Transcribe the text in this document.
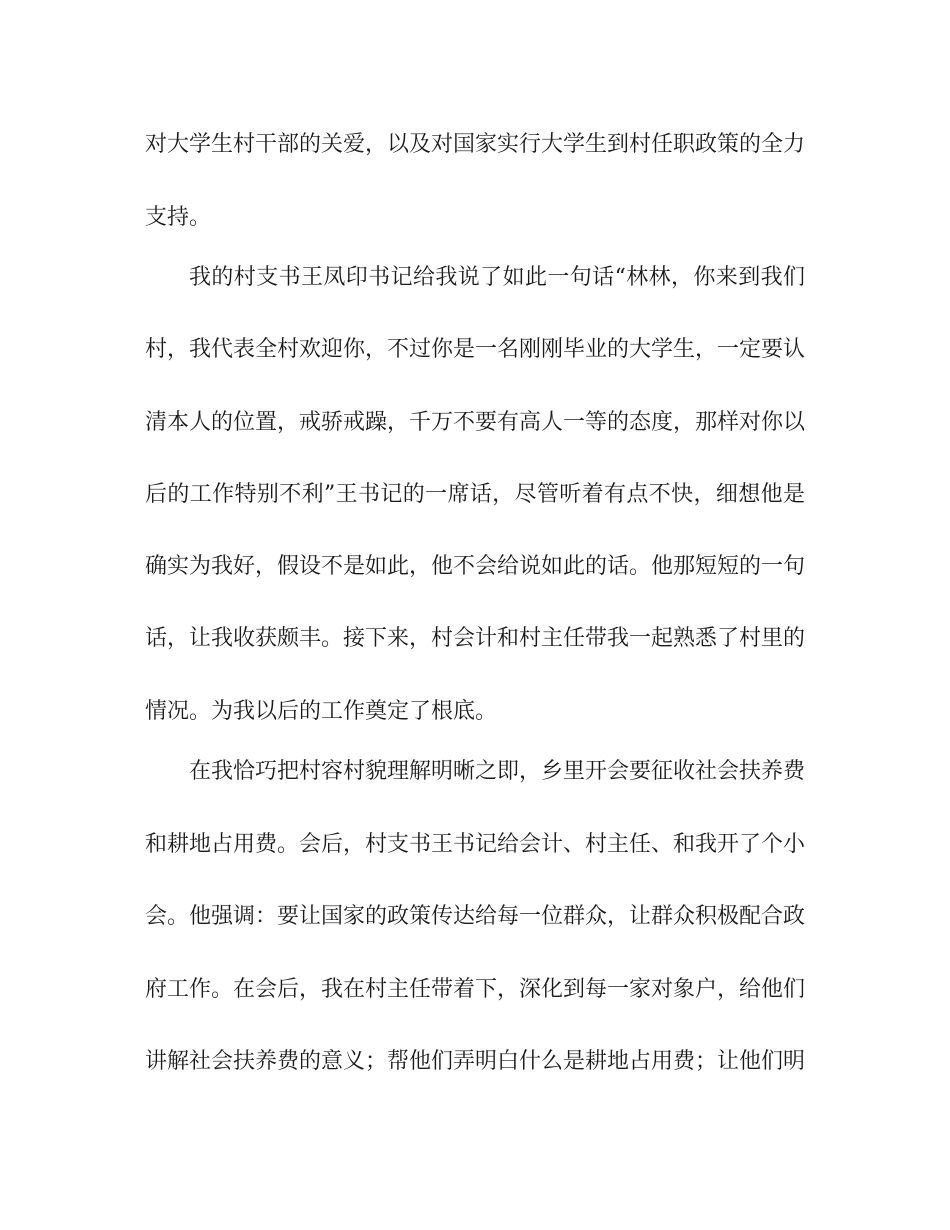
对大学生村干部的关爱，以及对国家实行大学生到村任职政策的全力
支持。
我的村支书王凤印书记给我说了如此一句话“林林，你来到我们
村，我代表全村欢迎你，不过你是一名刚刚毕业的大学生，一定要认
清本人的位置，戒骄戒躁，千万不要有高人一等的态度，那样对你以
后的工作特别不利”王书记的一席话，尽管听着有点不快，细想他是
确实为我好，假设不是如此，他不会给说如此的话。他那短短的一句
话，让我收获颇丰。接下来，村会计和村主任带我一起熟悉了村里的
情况。为我以后的工作奠定了根底。
在我恰巧把村容村貌理解明晰之即，乡里开会要征收社会扶养费
和耕地占用费。会后，村支书王书记给会计、村主任、和我开了个小
会。他强调：要让国家的政策传达给每一位群众，让群众积极配合政
府工作。在会后，我在村主任带着下，深化到每一家对象户，给他们
讲解社会扶养费的意义；帮他们弄明白什么是耕地占用费；让他们明
